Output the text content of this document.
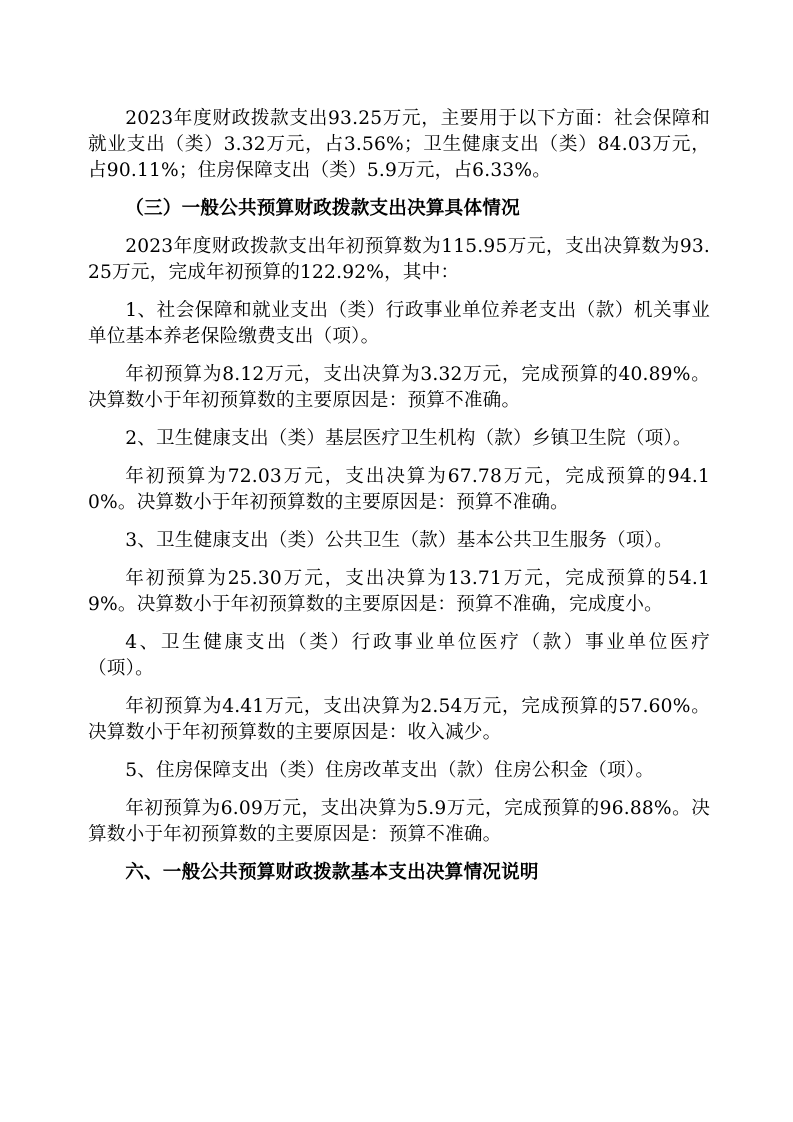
2023年度财政拨款支出93.25万元，主要用于以下方面：社会保障和就业支出（类）3.32万元，占3.56%；卫生健康支出（类）84.03万元，占90.11%；住房保障支出（类）5.9万元，占6.33%。

（三）一般公共预算财政拨款支出决算具体情况

2023年度财政拨款支出年初预算数为115.95万元，支出决算数为93.25万元，完成年初预算的122.92%，其中：

1、社会保障和就业支出（类）行政事业单位养老支出（款）机关事业单位基本养老保险缴费支出（项）。

年初预算为8.12万元，支出决算为3.32万元，完成预算的40.89%。决算数小于年初预算数的主要原因是：预算不准确。

2、卫生健康支出（类）基层医疗卫生机构（款）乡镇卫生院（项）。

年初预算为72.03万元，支出决算为67.78万元，完成预算的94.10%。决算数小于年初预算数的主要原因是：预算不准确。

3、卫生健康支出（类）公共卫生（款）基本公共卫生服务（项）。

年初预算为25.30万元，支出决算为13.71万元，完成预算的54.19%。决算数小于年初预算数的主要原因是：预算不准确，完成度小。

4、卫生健康支出（类）行政事业单位医疗（款）事业单位医疗（项）。

年初预算为4.41万元，支出决算为2.54万元，完成预算的57.60%。决算数小于年初预算数的主要原因是：收入减少。

5、住房保障支出（类）住房改革支出（款）住房公积金（项）。

年初预算为6.09万元，支出决算为5.9万元，完成预算的96.88%。决算数小于年初预算数的主要原因是：预算不准确。

六、一般公共预算财政拨款基本支出决算情况说明
